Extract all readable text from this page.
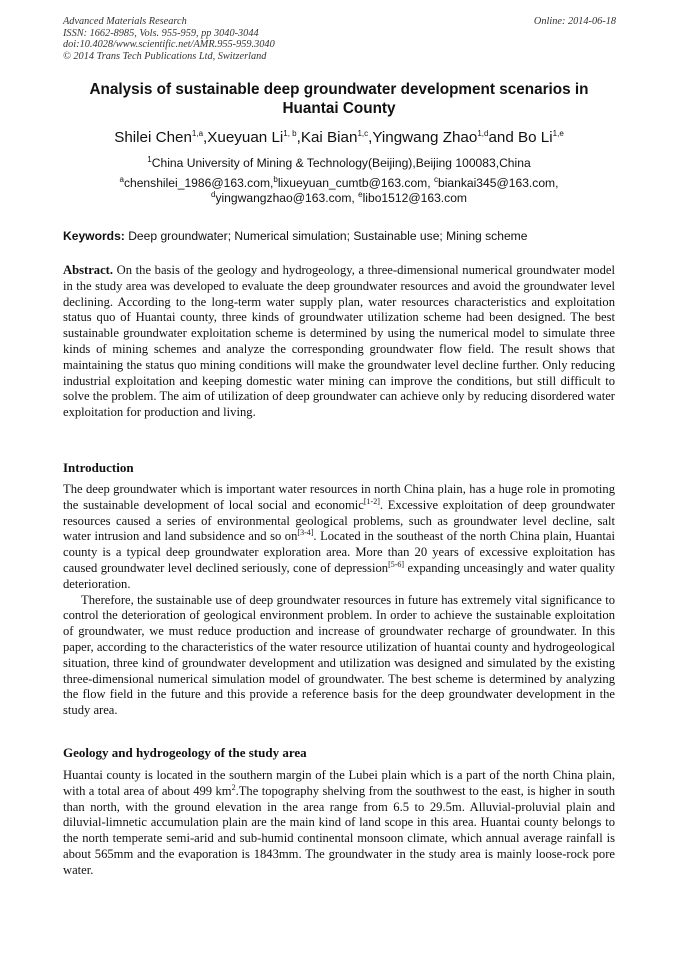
Advanced Materials Research
ISSN: 1662-8985, Vols. 955-959, pp 3040-3044
doi:10.4028/www.scientific.net/AMR.955-959.3040
© 2014 Trans Tech Publications Ltd, Switzerland
Online: 2014-06-18
Analysis of sustainable deep groundwater development scenarios in Huantai County
Shilei Chen$^{1,a}$,Xueyuan Li$^{1, b}$,Kai Bian$^{1,c}$,Yingwang Zhao$^{1,d}$and Bo Li$^{1,e}$
$^1$China University of Mining & Technology(Beijing),Beijing 100083,China
$^a$chenshilei_1986@163.com,$^b$lixueyuan_cumtb@163.com, $^c$biankai345@163.com,
$^d$yingwangzhao@163.com, $^e$libo1512@163.com
Keywords: Deep groundwater; Numerical simulation; Sustainable use; Mining scheme

Abstract. On the basis of the geology and hydrogeology, a three-dimensional numerical groundwater model in the study area was developed to evaluate the deep groundwater resources and avoid the groundwater level declining. According to the long-term water supply plan, water resources characteristics and exploitation status quo of Huantai county, three kinds of groundwater utilization scheme had been designed. The best sustainable groundwater exploitation scheme is determined by using the numerical model to simulate three kinds of mining schemes and analyze the corresponding groundwater flow field. The result shows that maintaining the status quo mining conditions will make the groundwater level decline further. Only reducing industrial exploitation and keeping domestic water mining can improve the conditions, but still difficult to solve the problem. The aim of utilization of deep groundwater can achieve only by reducing disordered water exploitation for production and living.

Introduction

The deep groundwater which is important water resources in north China plain, has a huge role in promoting the sustainable development of local social and economic[1-2]. Excessive exploitation of deep groundwater resources caused a series of environmental geological problems, such as groundwater level decline, salt water intrusion and land subsidence and so on[3-4]. Located in the southeast of the north China plain, Huantai county is a typical deep groundwater exploration area. More than 20 years of excessive exploitation has caused groundwater level declined seriously, cone of depression[5-6] expanding unceasingly and water quality deterioration.

Therefore, the sustainable use of deep groundwater resources in future has extremely vital significance to control the deterioration of geological environment problem. In order to achieve the sustainable exploitation of groundwater, we must reduce production and increase of groundwater recharge of groundwater. In this paper, according to the characteristics of the water resource utilization of huantai county and hydrogeological situation, three kind of groundwater development and utilization was designed and simulated by the existing three-dimensional numerical simulation model of groundwater. The best scheme is determined by analyzing the flow field in the future and this provide a reference basis for the deep groundwater development in the study area.

Geology and hydrogeology of the study area

Huantai county is located in the southern margin of the Lubei plain which is a part of the north China plain, with a total area of about 499 $km^2.The$ topography shelving from the southwest to the east, is higher in south than north, with the ground elevation in the area range from 6.5 to 29.5m. Alluvial-proluvial plain and diluvial-limnetic accumulation plain are the main kind of land scope in this area. Huantai county belongs to the north temperate semi-arid and sub-humid continental monsoon climate, which annual average rainfall is about 565mm and the evaporation is 1843mm. The groundwater in the study area is mainly loose-rock pore water.
